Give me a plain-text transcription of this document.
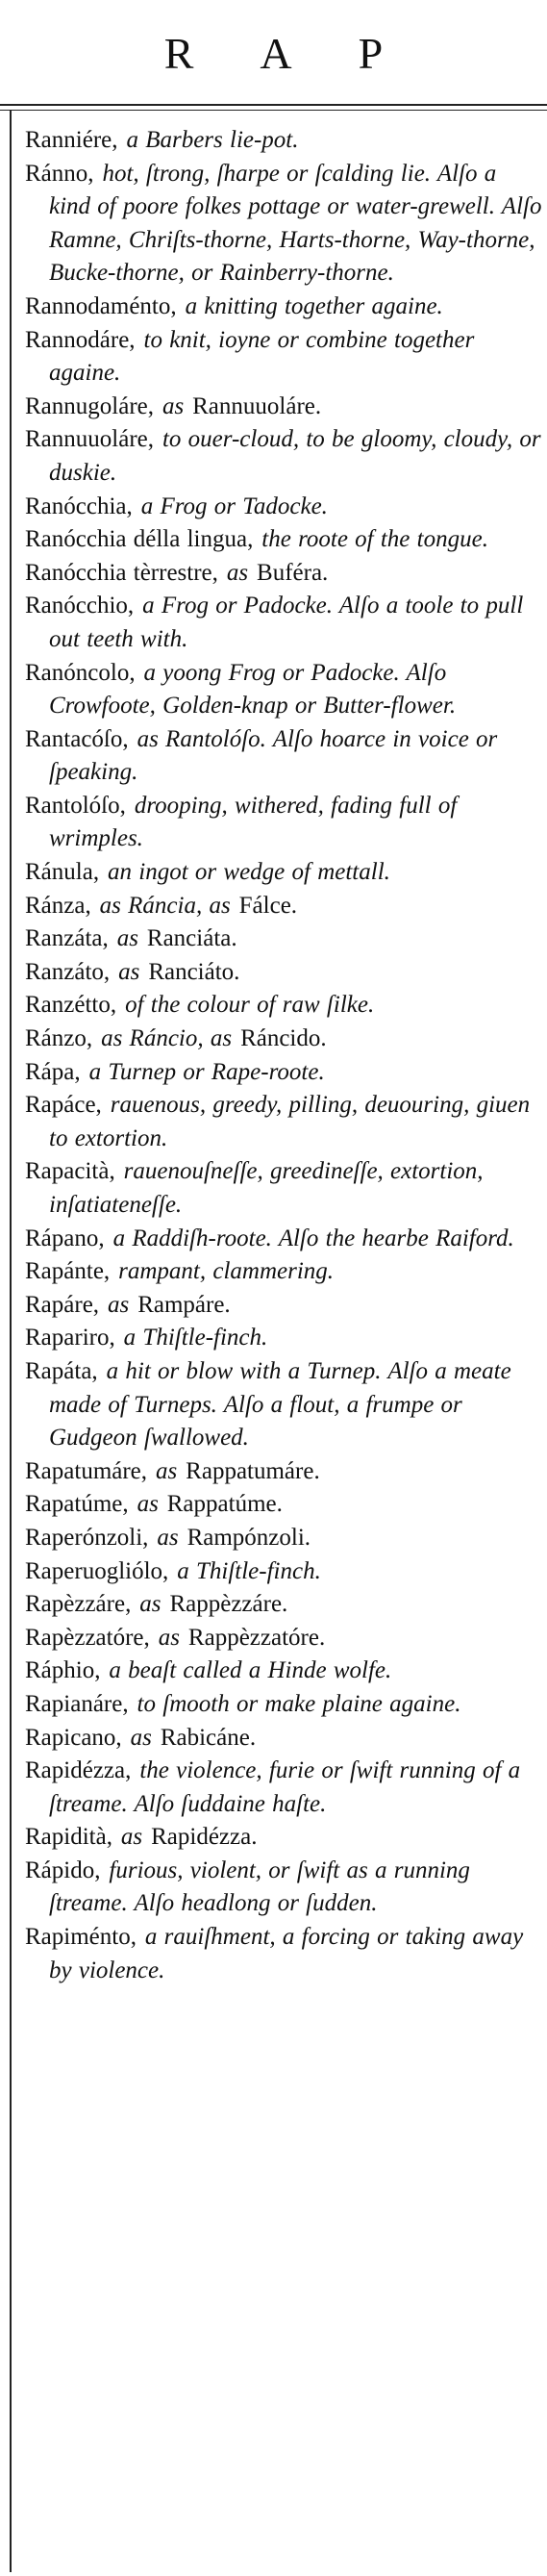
R A P

Ranniére, a Barbers lie-pot.

Ránno, hot, ſtrong, ſharpe or ſcalding lie. Alſo a kind of poore folkes pottage or water-grewell. Alſo Ramne, Chriſts-thorne, Harts-thorne, Way-thorne, Bucke-thorne, or Rainberry-thorne.

Rannodaménto, a knitting together againe.

Rannodáre, to knit, ioyne or combine together againe.

Rannugoláre, as Rannuuoláre.

Rannuuoláre, to ouer-cloud, to be gloomy, cloudy, or duskie.

Ranócchia, a Frog or Tadocke.

Ranócchia délla lingua, the roote of the tongue.

Ranócchia tèrrestre, as Buféra.

Ranócchio, a Frog or Padocke. Alſo a toole to pull out teeth with.

Ranóncolo, a yoong Frog or Padocke. Alſo Crowfoote, Golden-knap or Butter-flower.

Rantacóſo, as Rantolóſo. Alſo hoarce in voice or ſpeaking.

Rantolóſo, drooping, withered, fading full of wrimples.

Ránula, an ingot or wedge of mettall.

Ránza, as Ráncia, as Fálce.

Ranzáta, as Ranciáta.

Ranzáto, as Ranciáto.

Ranzétto, of the colour of raw ſilke.

Ránzo, as Ráncio, as Ráncido.

Rápa, a Turnep or Rape-roote.

Rapáce, rauenous, greedy, pilling, deuouring, giuen to extortion.

Rapacità, rauenouſneſſe, greedineſſe, extortion, inſatiateneſſe.

Rápano, a Raddiſh-roote. Alſo the hearbe Raiford.

Rapánte, rampant, clammering.

Rapáre, as Rampáre.

Rapariro, a Thiſtle-finch.

Rapáta, a hit or blow with a Turnep. Alſo a meate made of Turneps. Alſo a flout, a frumpe or Gudgeon ſwallowed.

Rapatumáre, as Rappatumáre.

Rapatúme, as Rappatúme.

Raperónzoli, as Rampónzoli.

Raperuogliólo, a Thiſtle-finch.

Rapèzzáre, as Rappèzzáre.

Rapèzzatóre, as Rappèzzatóre.

Ráphio, a beaſt called a Hinde wolfe.

Rapianáre, to ſmooth or make plaine againe.

Rapicano, as Rabicáne.

Rapidézza, the violence, furie or ſwift running of a ſtreame. Alſo ſuddaine haſte.

Rapidità, as Rapidézza.

Rápido, furious, violent, or ſwift as a running ſtreame. Alſo headlong or ſudden.

Rapiménto, a rauiſhment, a forcing or taking away by violence.
